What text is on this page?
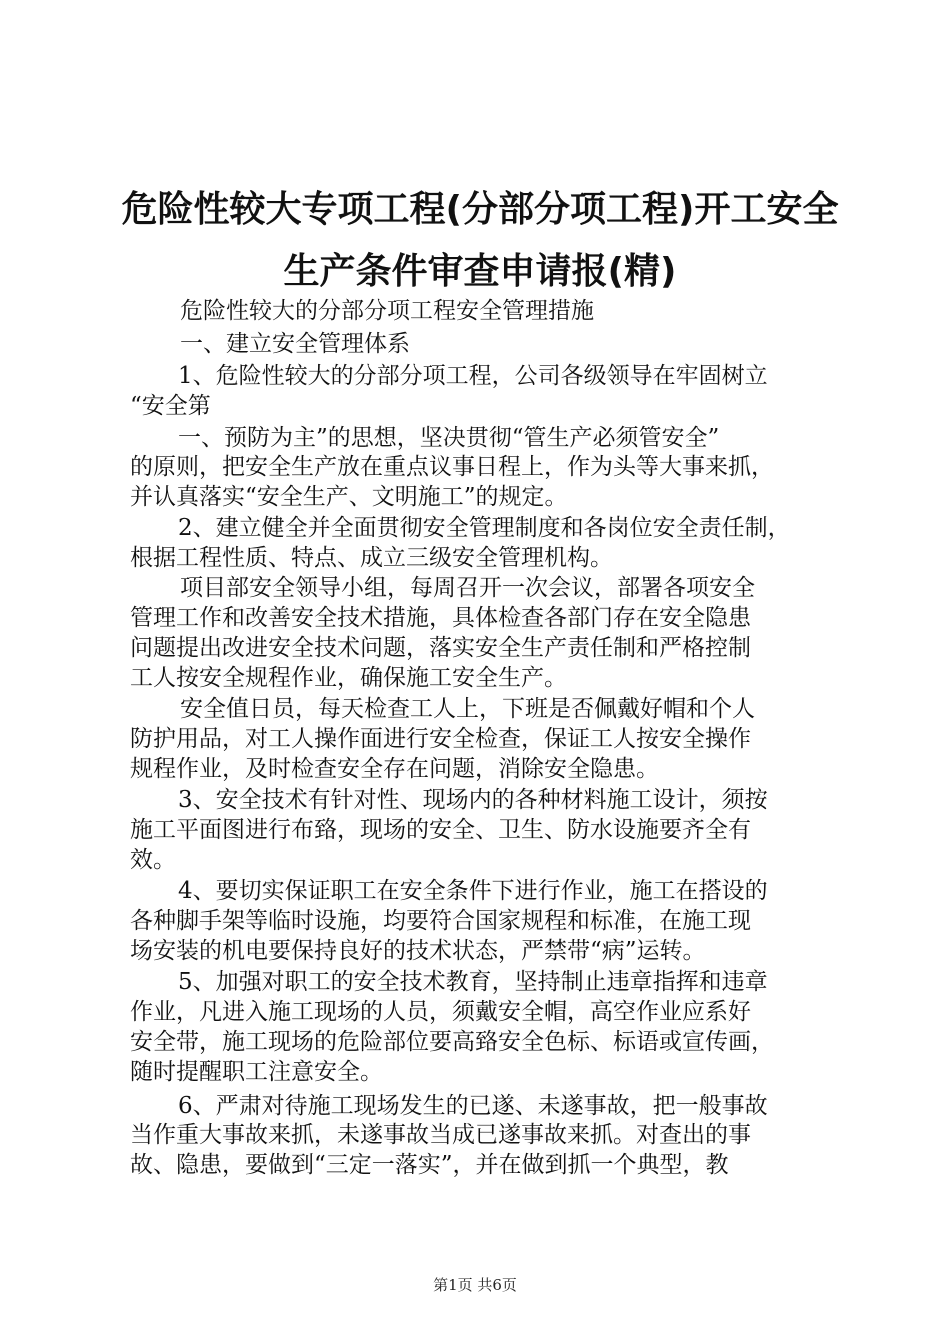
危险性较大专项工程(分部分项工程)开工安全
生产条件审查申请报(精)
危险性较大的分部分项工程安全管理措施
一、建立安全管理体系
1、危险性较大的分部分项工程，公司各级领导在牢固树立
“安全第
一、预防为主”的思想，坚决贯彻“管生产必须管安全”
的原则，把安全生产放在重点议事日程上，作为头等大事来抓，
并认真落实“安全生产、文明施工”的规定。
2、建立健全并全面贯彻安全管理制度和各岗位安全责任制，
根据工程性质、特点、成立三级安全管理机构。
项目部安全领导小组，每周召开一次会议，部署各项安全
管理工作和改善安全技术措施，具体检查各部门存在安全隐患
问题提出改进安全技术问题，落实安全生产责任制和严格控制
工人按安全规程作业，确保施工安全生产。
安全值日员，每天检查工人上，下班是否佩戴好帽和个人
防护用品，对工人操作面进行安全检查，保证工人按安全操作
规程作业，及时检查安全存在问题，消除安全隐患。
3、安全技术有针对性、现场内的各种材料施工设计，须按
施工平面图进行布臵，现场的安全、卫生、防水设施要齐全有
效。
4、要切实保证职工在安全条件下进行作业，施工在搭设的
各种脚手架等临时设施，均要符合国家规程和标准，在施工现
场安装的机电要保持良好的技术状态，严禁带“病”运转。
5、加强对职工的安全技术教育，坚持制止违章指挥和违章
作业，凡进入施工现场的人员，须戴安全帽，高空作业应系好
安全带，施工现场的危险部位要高臵安全色标、标语或宣传画，
随时提醒职工注意安全。
6、严肃对待施工现场发生的已遂、未遂事故，把一般事故
当作重大事故来抓，未遂事故当成已遂事故来抓。对查出的事
故、隐患，要做到“三定一落实”，并在做到抓一个典型，教
第1页 共6页
